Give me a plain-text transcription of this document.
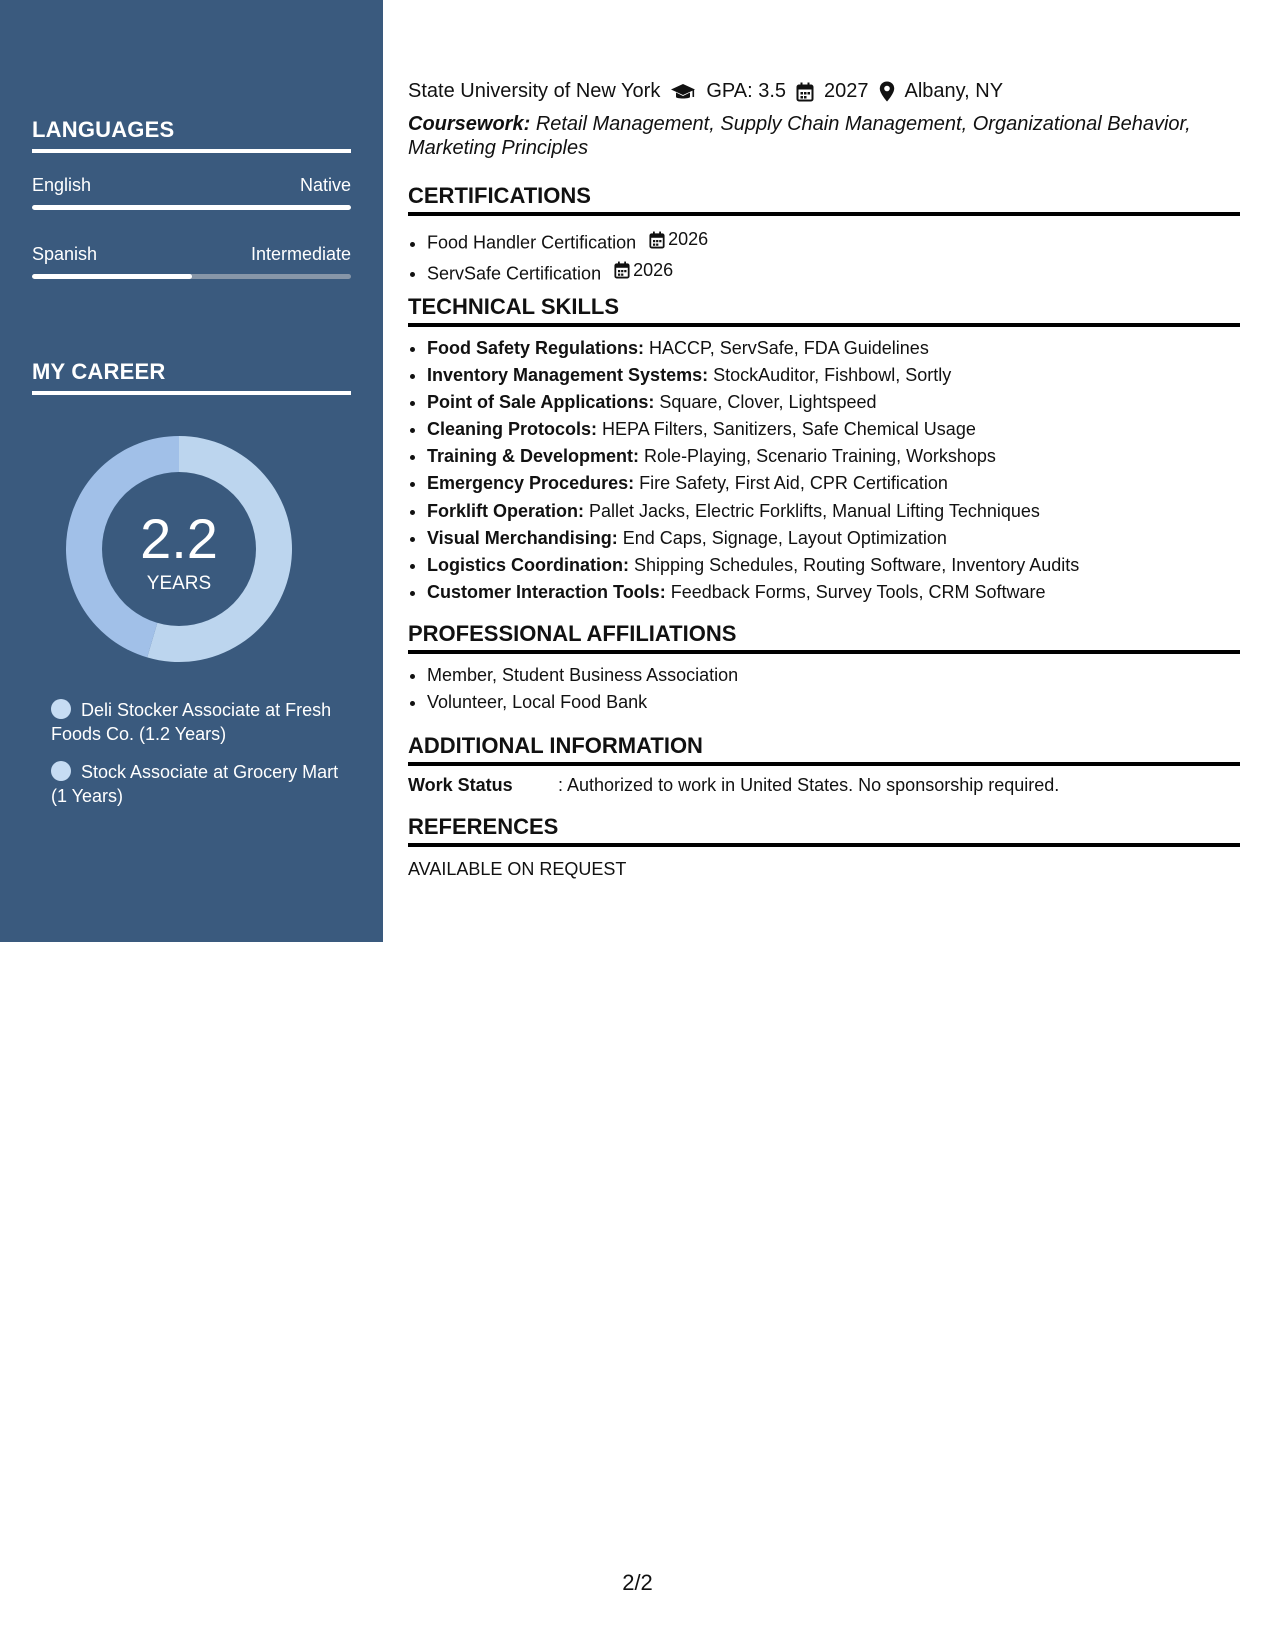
LANGUAGES
English	Native
Spanish	Intermediate
MY CAREER
2.2
YEARS
Deli Stocker Associate at Fresh Foods Co. (1.2 Years)
Stock Associate at Grocery Mart (1 Years)
State University of New York GPA: 3.5 2027 Albany, NY
Coursework: Retail Management, Supply Chain Management, Organizational Behavior, Marketing Principles
CERTIFICATIONS
• Food Handler Certification 2026
• ServSafe Certification 2026
TECHNICAL SKILLS
• Food Safety Regulations: HACCP, ServSafe, FDA Guidelines
• Inventory Management Systems: StockAuditor, Fishbowl, Sortly
• Point of Sale Applications: Square, Clover, Lightspeed
• Cleaning Protocols: HEPA Filters, Sanitizers, Safe Chemical Usage
• Training & Development: Role-Playing, Scenario Training, Workshops
• Emergency Procedures: Fire Safety, First Aid, CPR Certification
• Forklift Operation: Pallet Jacks, Electric Forklifts, Manual Lifting Techniques
• Visual Merchandising: End Caps, Signage, Layout Optimization
• Logistics Coordination: Shipping Schedules, Routing Software, Inventory Audits
• Customer Interaction Tools: Feedback Forms, Survey Tools, CRM Software
PROFESSIONAL AFFILIATIONS
• Member, Student Business Association
• Volunteer, Local Food Bank
ADDITIONAL INFORMATION
Work Status	: Authorized to work in United States. No sponsorship required.
REFERENCES
AVAILABLE ON REQUEST
2/2
